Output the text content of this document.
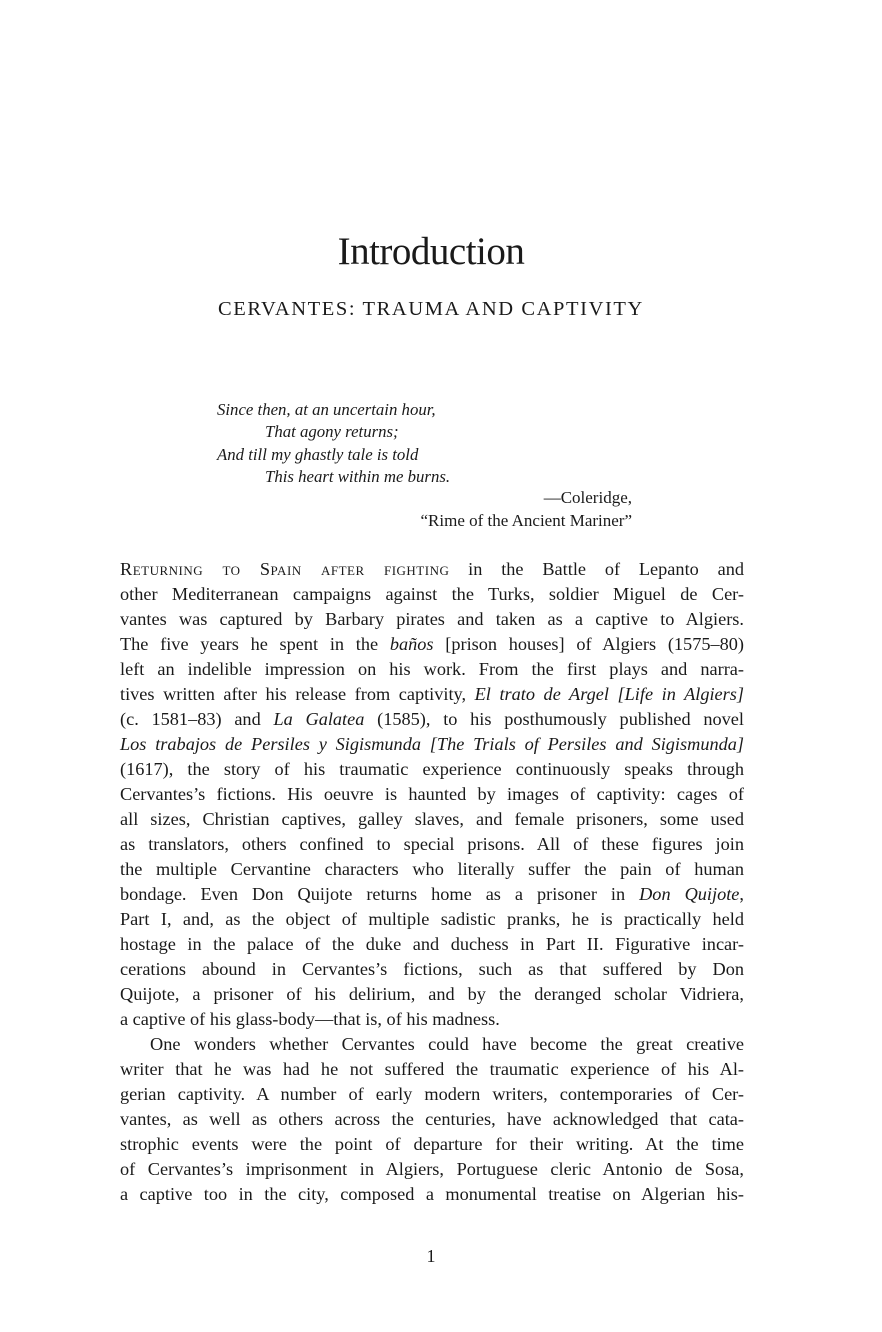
Introduction
CERVANTES: TRAUMA AND CAPTIVITY
Since then, at an uncertain hour,
That agony returns;
And till my ghastly tale is told
This heart within me burns.
—Coleridge,
“Rime of the Ancient Mariner”
Returning to Spain after fighting in the Battle of Lepanto and
other Mediterranean campaigns against the Turks, soldier Miguel de Cer-
vantes was captured by Barbary pirates and taken as a captive to Algiers.
The five years he spent in the baños [prison houses] of Algiers (1575–80)
left an indelible impression on his work. From the first plays and narra-
tives written after his release from captivity, El trato de Argel [Life in Algiers]
(c. 1581–83) and La Galatea (1585), to his posthumously published novel
Los trabajos de Persiles y Sigismunda [The Trials of Persiles and Sigismunda]
(1617), the story of his traumatic experience continuously speaks through
Cervantes’s fictions. His oeuvre is haunted by images of captivity: cages of
all sizes, Christian captives, galley slaves, and female prisoners, some used
as translators, others confined to special prisons. All of these figures join
the multiple Cervantine characters who literally suffer the pain of human
bondage. Even Don Quijote returns home as a prisoner in Don Quijote,
Part I, and, as the object of multiple sadistic pranks, he is practically held
hostage in the palace of the duke and duchess in Part II. Figurative incar-
cerations abound in Cervantes’s fictions, such as that suffered by Don
Quijote, a prisoner of his delirium, and by the deranged scholar Vidriera,
a captive of his glass-body—that is, of his madness.
One wonders whether Cervantes could have become the great creative
writer that he was had he not suffered the traumatic experience of his Al-
gerian captivity. A number of early modern writers, contemporaries of Cer-
vantes, as well as others across the centuries, have acknowledged that cata-
strophic events were the point of departure for their writing. At the time
of Cervantes’s imprisonment in Algiers, Portuguese cleric Antonio de Sosa,
a captive too in the city, composed a monumental treatise on Algerian his-
1
